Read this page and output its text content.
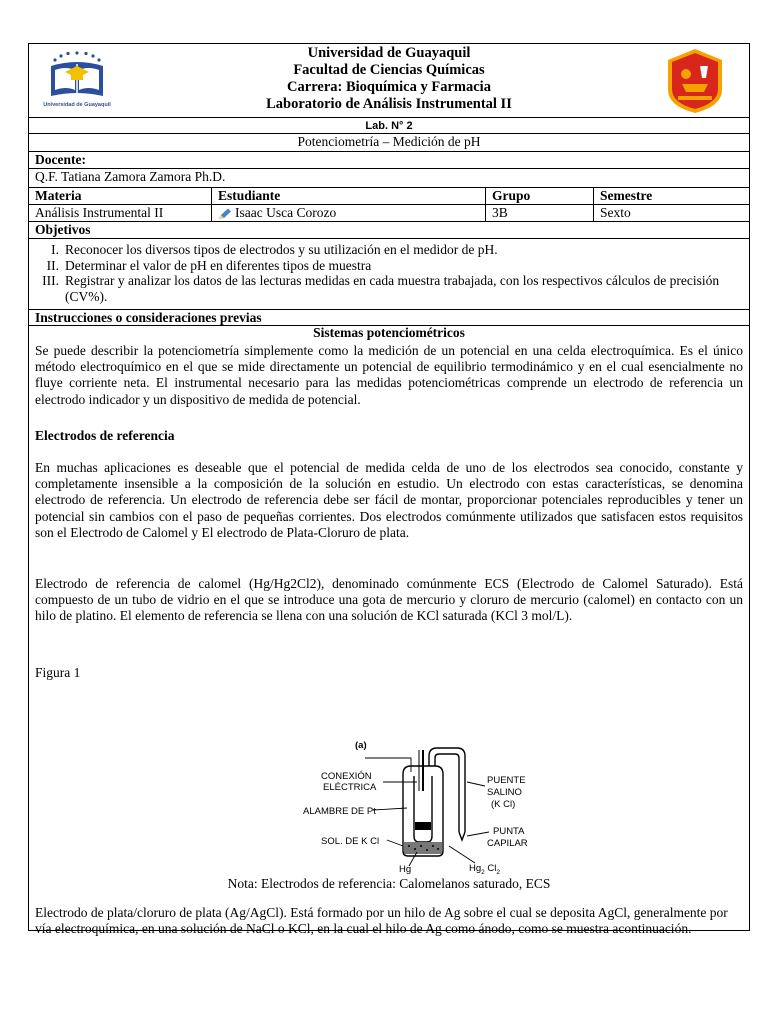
Universidad de Guayaquil
Universidad de Guayaquil
Facultad de Ciencias Químicas
Carrera: Bioquímica y Farmacia
Laboratorio de Análisis Instrumental II
Lab. N° 2
Potenciometría – Medición de pH
Docente:
Q.F. Tatiana Zamora Zamora Ph.D.
Materia	Estudiante	Grupo	Semestre
Análisis Instrumental II	Isaac Usca Corozo	3B	Sexto
Objetivos
I. Reconocer los diversos tipos de electrodos y su utilización en el medidor de pH.
II. Determinar el valor de pH en diferentes tipos de muestra
III. Registrar y analizar los datos de las lecturas medidas en cada muestra trabajada, con los respectivos cálculos de precisión (CV%).
Instrucciones o consideraciones previas
Sistemas potenciométricos
Se puede describir la potenciometría simplemente como la medición de un potencial en una celda electroquímica. Es el único método electroquímico en el que se mide directamente un potencial de equilibrio termodinámico y en el cual esencialmente no fluye corriente neta. El instrumental necesario para las medidas potenciométricas comprende un electrodo de referencia un electrodo indicador y un dispositivo de medida de potencial.
Electrodos de referencia
En muchas aplicaciones es deseable que el potencial de medida celda de uno de los electrodos sea conocido, constante y completamente insensible a la composición de la solución en estudio. Un electrodo con estas características, se denomina electrodo de referencia. Un electrodo de referencia debe ser fácil de montar, proporcionar potenciales reproducibles y tener un potencial sin cambios con el paso de pequeñas corrientes. Dos electrodos comúnmente utilizados que satisfacen estos requisitos son el Electrodo de Calomel y El electrodo de Plata-Cloruro de plata.
Electrodo de referencia de calomel (Hg/Hg2Cl2), denominado comúnmente ECS (Electrodo de Calomel Saturado). Está compuesto de un tubo de vidrio en el que se introduce una gota de mercurio y cloruro de mercurio (calomel) en contacto con un hilo de platino. El elemento de referencia se llena con una solución de KCl saturada (KCl 3 mol/L).
Figura 1
(a)
CONEXIÓN
ELÉCTRICA
ALAMBRE DE Pt
SOL. DE K Cl
Hg	$Hg_2$ $Cl_2$
PUENTE
SALINO
(K Cl)
PUNTA
CAPILAR
Nota: Electrodos de referencia: Calomelanos saturado, ECS
Electrodo de plata/cloruro de plata (Ag/AgCl). Está formado por un hilo de Ag sobre el cual se deposita AgCl, generalmente por vía electroquímica, en una solución de NaCl o KCl, en la cual el hilo de Ag como ánodo, como se muestra acontinuación.
